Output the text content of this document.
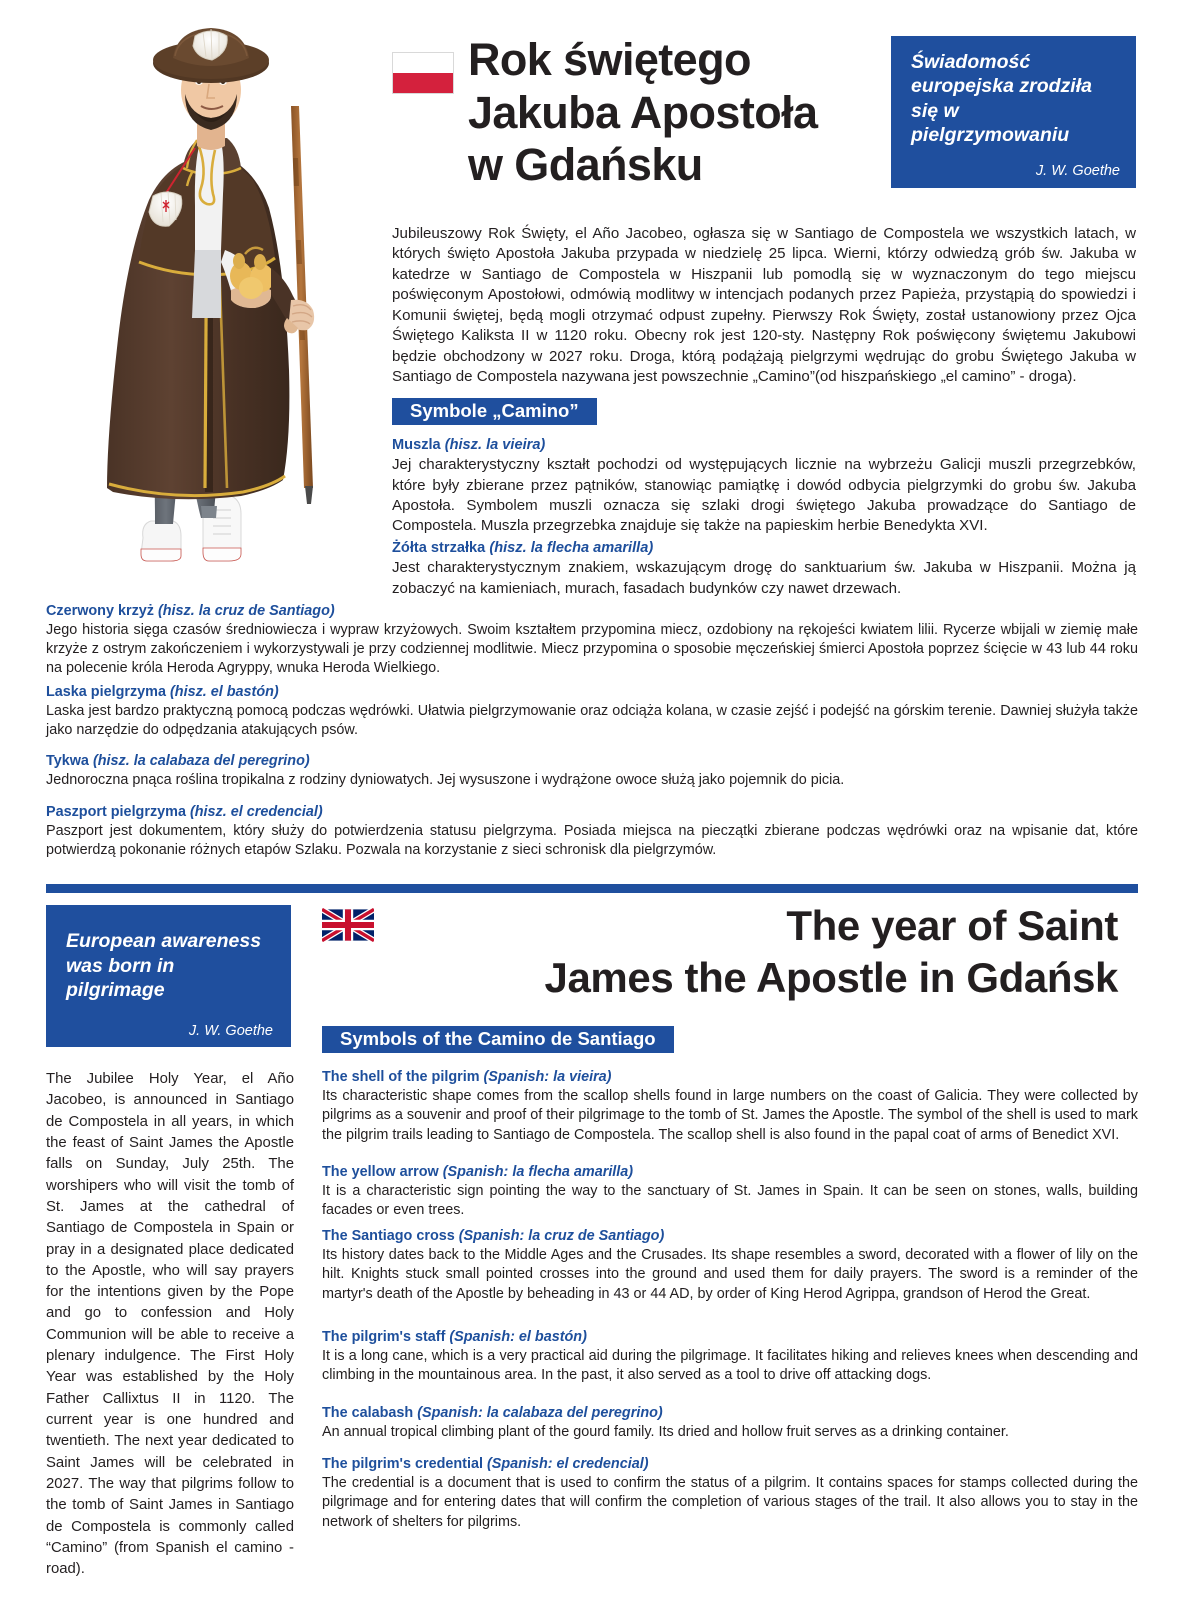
Rok świętego
Jakuba Apostoła
w Gdańsku
Świadomość europejska zrodziła się w pielgrzymowaniu
J. W. Goethe

Jubileuszowy Rok Święty, el Año Jacobeo, ogłasza się w Santiago de Compostela we wszystkich latach, w których święto Apostoła Jakuba przypada w niedzielę 25 lipca. Wierni, którzy odwiedzą grób św. Jakuba w katedrze w Santiago de Compostela w Hiszpanii lub pomodlą się w wyznaczonym do tego miejscu poświęconym Apostołowi, odmówią modlitwy w intencjach podanych przez Papieża, przystąpią do spowiedzi i Komunii świętej, będą mogli otrzymać odpust zupełny. Pierwszy Rok Święty, został ustanowiony przez Ojca Świętego Kaliksta II w 1120 roku. Obecny rok jest 120-sty. Następny Rok poświęcony świętemu Jakubowi będzie obchodzony w 2027 roku. Droga, którą podążają pielgrzymi wędrując do grobu Świętego Jakuba w Santiago de Compostela nazywana jest powszechnie „Camino”(od hiszpańskiego „el camino” - droga).

Symbole „Camino”
Muszla (hisz. la vieira)

Jej charakterystyczny kształt pochodzi od występujących licznie na wybrzeżu Galicji muszli przegrzebków, które były zbierane przez pątników, stanowiąc pamiątkę i dowód odbycia pielgrzymki do grobu św. Jakuba Apostoła. Symbolem muszli oznacza się szlaki drogi świętego Jakuba prowadzące do Santiago de Compostela. Muszla przegrzebka znajduje się także na papieskim herbie Benedykta XVI.

Żółta strzałka (hisz. la flecha amarilla)

Jest charakterystycznym znakiem, wskazującym drogę do sanktuarium św. Jakuba w Hiszpanii. Można ją zobaczyć na kamieniach, murach, fasadach budynków czy nawet drzewach.

Czerwony krzyż (hisz. la cruz de Santiago)

Jego historia sięga czasów średniowiecza i wypraw krzyżowych. Swoim kształtem przypomina miecz, ozdobiony na rękojeści kwiatem lilii. Rycerze wbijali w ziemię małe krzyże z ostrym zakończeniem i wykorzystywali je przy codziennej modlitwie. Miecz przypomina o sposobie męczeńskiej śmierci Apostoła poprzez ścięcie w 43 lub 44 roku na polecenie króla Heroda Agryppy, wnuka Heroda Wielkiego.

Laska pielgrzyma (hisz. el bastón)

Laska jest bardzo praktyczną pomocą podczas wędrówki. Ułatwia pielgrzymowanie oraz odciąża kolana, w czasie zejść i podejść na górskim terenie. Dawniej służyła także jako narzędzie do odpędzania atakujących psów.

Tykwa (hisz. la calabaza del peregrino)

Jednoroczna pnąca roślina tropikalna z rodziny dyniowatych. Jej wysuszone i wydrążone owoce służą jako pojemnik do picia.

Paszport pielgrzyma (hisz. el credencial)

Paszport jest dokumentem, który służy do potwierdzenia statusu pielgrzyma. Posiada miejsca na pieczątki zbierane podczas wędrówki oraz na wpisanie dat, które potwierdzą pokonanie różnych etapów Szlaku. Pozwala na korzystanie z sieci schronisk dla pielgrzymów.

European awareness was born in pilgrimage
J. W. Goethe
The year of Saint
James the Apostle in Gdańsk
Symbols of the Camino de Santiago

The Jubilee Holy Year, el Año Jacobeo, is announced in Santiago de Compostela in all years, in which the feast of Saint James the Apostle falls on Sunday, July 25th. The worshipers who will visit the tomb of St. James at the cathedral of Santiago de Compostela in Spain or pray in a designated place dedicated to the Apostle, who will say prayers for the intentions given by the Pope and go to confession and Holy Communion will be able to receive a plenary indulgence. The First Holy Year was established by the Holy Father Callixtus II in 1120. The current year is one hundred and twentieth. The next year dedicated to Saint James will be celebrated in 2027. The way that pilgrims follow to the tomb of Saint James in Santiago de Compostela is commonly called “Camino” (from Spanish el camino - road).

The shell of the pilgrim (Spanish: la vieira)

Its characteristic shape comes from the scallop shells found in large numbers on the coast of Galicia. They were collected by pilgrims as a souvenir and proof of their pilgrimage to the tomb of St. James the Apostle. The symbol of the shell is used to mark the pilgrim trails leading to Santiago de Compostela. The scallop shell is also found in the papal coat of arms of Benedict XVI.

The yellow arrow (Spanish: la flecha amarilla)

It is a characteristic sign pointing the way to the sanctuary of St. James in Spain. It can be seen on stones, walls, building facades or even trees.

The Santiago cross (Spanish: la cruz de Santiago)

Its history dates back to the Middle Ages and the Crusades. Its shape resembles a sword, decorated with a flower of lily on the hilt. Knights stuck small pointed crosses into the ground and used them for daily prayers. The sword is a reminder of the martyr's death of the Apostle by beheading in 43 or 44 AD, by order of King Herod Agrippa, grandson of Herod the Great.

The pilgrim's staff (Spanish: el bastón)

It is a long cane, which is a very practical aid during the pilgrimage. It facilitates hiking and relieves knees when descending and climbing in the mountainous area. In the past, it also served as a tool to drive off attacking dogs.

The calabash (Spanish: la calabaza del peregrino)

An annual tropical climbing plant of the gourd family. Its dried and hollow fruit serves as a drinking container.

The pilgrim's credential (Spanish: el credencial)

The credential is a document that is used to confirm the status of a pilgrim. It contains spaces for stamps collected during the pilgrimage and for entering dates that will confirm the completion of various stages of the trail. It also allows you to stay in the network of shelters for pilgrims.
